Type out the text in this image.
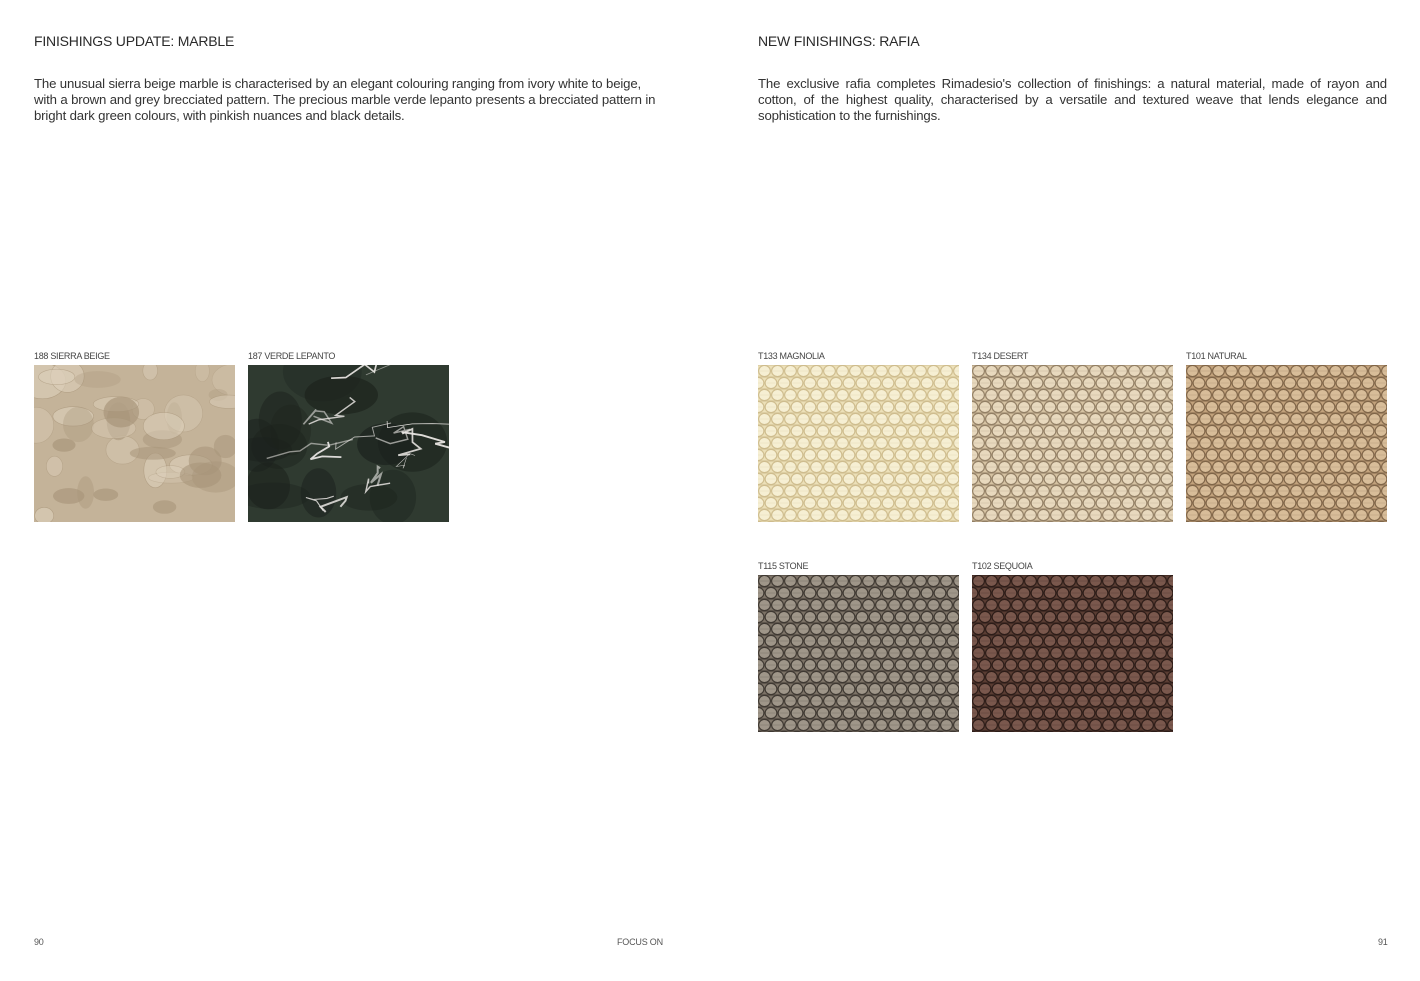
FINISHINGS UPDATE: MARBLE

The unusual sierra beige marble is characterised by an elegant colouring ranging from ivory white to beige, with a brown and grey brecciated pattern. The precious marble verde lepanto presents a brecciated pattern in bright dark green colours, with pinkish nuances and black details.

188 SIERRA BEIGE	187 VERDE LEPANTO
90	FOCUS ON
NEW FINISHINGS: RAFIA

The exclusive rafia completes Rimadesio's collection of finishings: a natural material, made of rayon and cotton, of the highest quality, characterised by a versatile and textured weave that lends elegance and sophistication to the furnishings.

T133 MAGNOLIA	T134 DESERT	T101 NATURAL
T115 STONE	T102 SEQUOIA
91
